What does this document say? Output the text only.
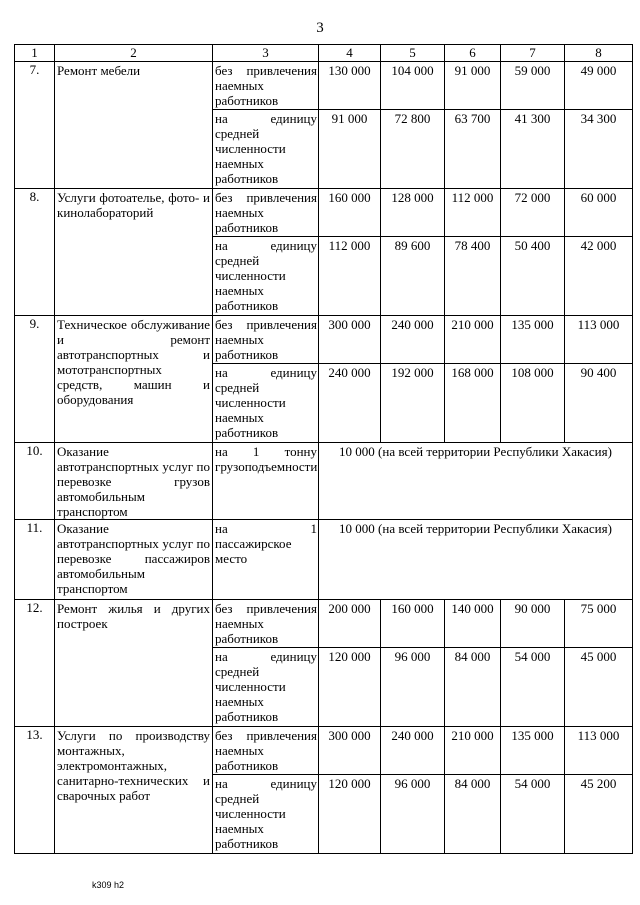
3
1	2	3	4	5	6	7	8
7.	Ремонт мебели	без привлечения наемных работников	130 000	104 000	91 000	59 000	49 000
		на единицу средней численности наемных работников	91 000	72 800	63 700	41 300	34 300
8.	Услуги фотоателье, фото- и кинолабораторий	без привлечения наемных работников	160 000	128 000	112 000	72 000	60 000
		на единицу средней численности наемных работников	112 000	89 600	78 400	50 400	42 000
9.	Техническое обслуживание и ремонт автотранспортных и мототранспортных средств, машин и оборудования	без привлечения наемных работников	300 000	240 000	210 000	135 000	113 000
		на единицу средней численности наемных работников	240 000	192 000	168 000	108 000	90 400
10.	Оказание автотранспортных услуг по перевозке грузов автомобильным транспортом	на 1 тонну грузоподъемности	10 000 (на всей территории Республики Хакасия)				
11.	Оказание автотранспортных услуг по перевозке пассажиров автомобильным транспортом	на 1 пассажирское место	10 000 (на всей территории Республики Хакасия)				
12.	Ремонт жилья и других построек	без привлечения наемных работников	200 000	160 000	140 000	90 000	75 000
		на единицу средней численности наемных работников	120 000	96 000	84 000	54 000	45 000
13.	Услуги по производству монтажных, электромонтажных, санитарно-технических и сварочных работ	без привлечения наемных работников	300 000	240 000	210 000	135 000	113 000
		на единицу средней численности наемных работников	120 000	96 000	84 000	54 000	45 200
k309 h2
